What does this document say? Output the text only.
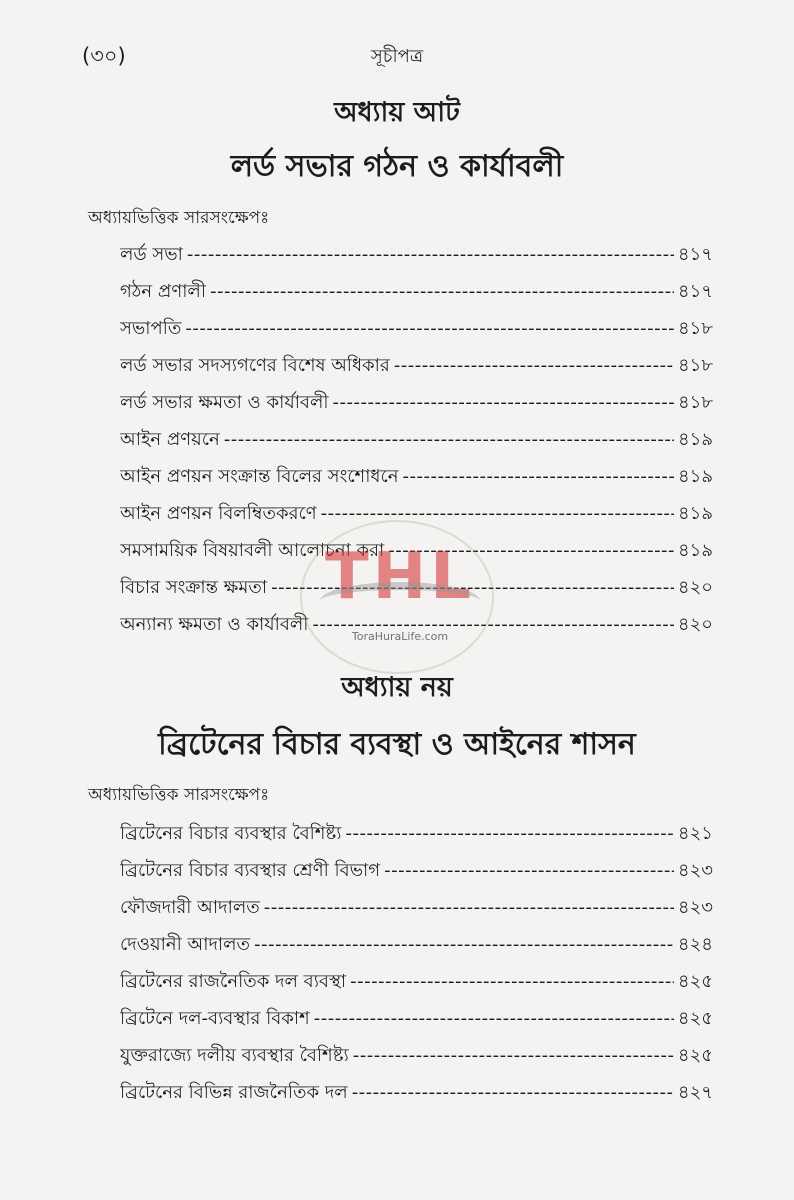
(৩০)	সূচীপত্র
অধ্যায় আট
লর্ড সভার গঠন ও কার্যাবলী
অধ্যায়ভিত্তিক সারসংক্ষেপঃ
লর্ড সভা -----	৪১৭
গঠন প্রণালী -----	৪১৭
সভাপতি -----	৪১৮
লর্ড সভার সদস্যগণের বিশেষ অধিকার -----	৪১৮
লর্ড সভার ক্ষমতা ও কার্যাবলী -----	৪১৮
আইন প্রণয়নে -----	৪১৯
আইন প্রণয়ন সংক্রান্ত বিলের সংশোধনে -----	৪১৯
আইন প্রণয়ন বিলম্বিতকরণে -----	৪১৯
সমসাময়িক বিষয়াবলী আলোচনা করা -----	৪১৯
বিচার সংক্রান্ত ক্ষমতা -----	৪২০
অন্যান্য ক্ষমতা ও কার্যাবলী -----	৪২০
অধ্যায় নয়
ব্রিটেনের বিচার ব্যবস্থা ও আইনের শাসন
অধ্যায়ভিত্তিক সারসংক্ষেপঃ
ব্রিটেনের বিচার ব্যবস্থার বৈশিষ্ট্য -----	৪২১
ব্রিটেনের বিচার ব্যবস্থার শ্রেণী বিভাগ -----	৪২৩
ফৌজদারী আদালত -----	৪২৩
দেওয়ানী আদালত -----	৪২৪
ব্রিটেনের রাজনৈতিক দল ব্যবস্থা -----	৪২৫
ব্রিটেনে দল-ব্যবস্থার বিকাশ -----	৪২৫
যুক্তরাজ্যে দলীয় ব্যবস্থার বৈশিষ্ট্য -----	৪২৫
ব্রিটেনের বিভিন্ন রাজনৈতিক দল -----	৪২৭
THL
ToraHuraLife.com
